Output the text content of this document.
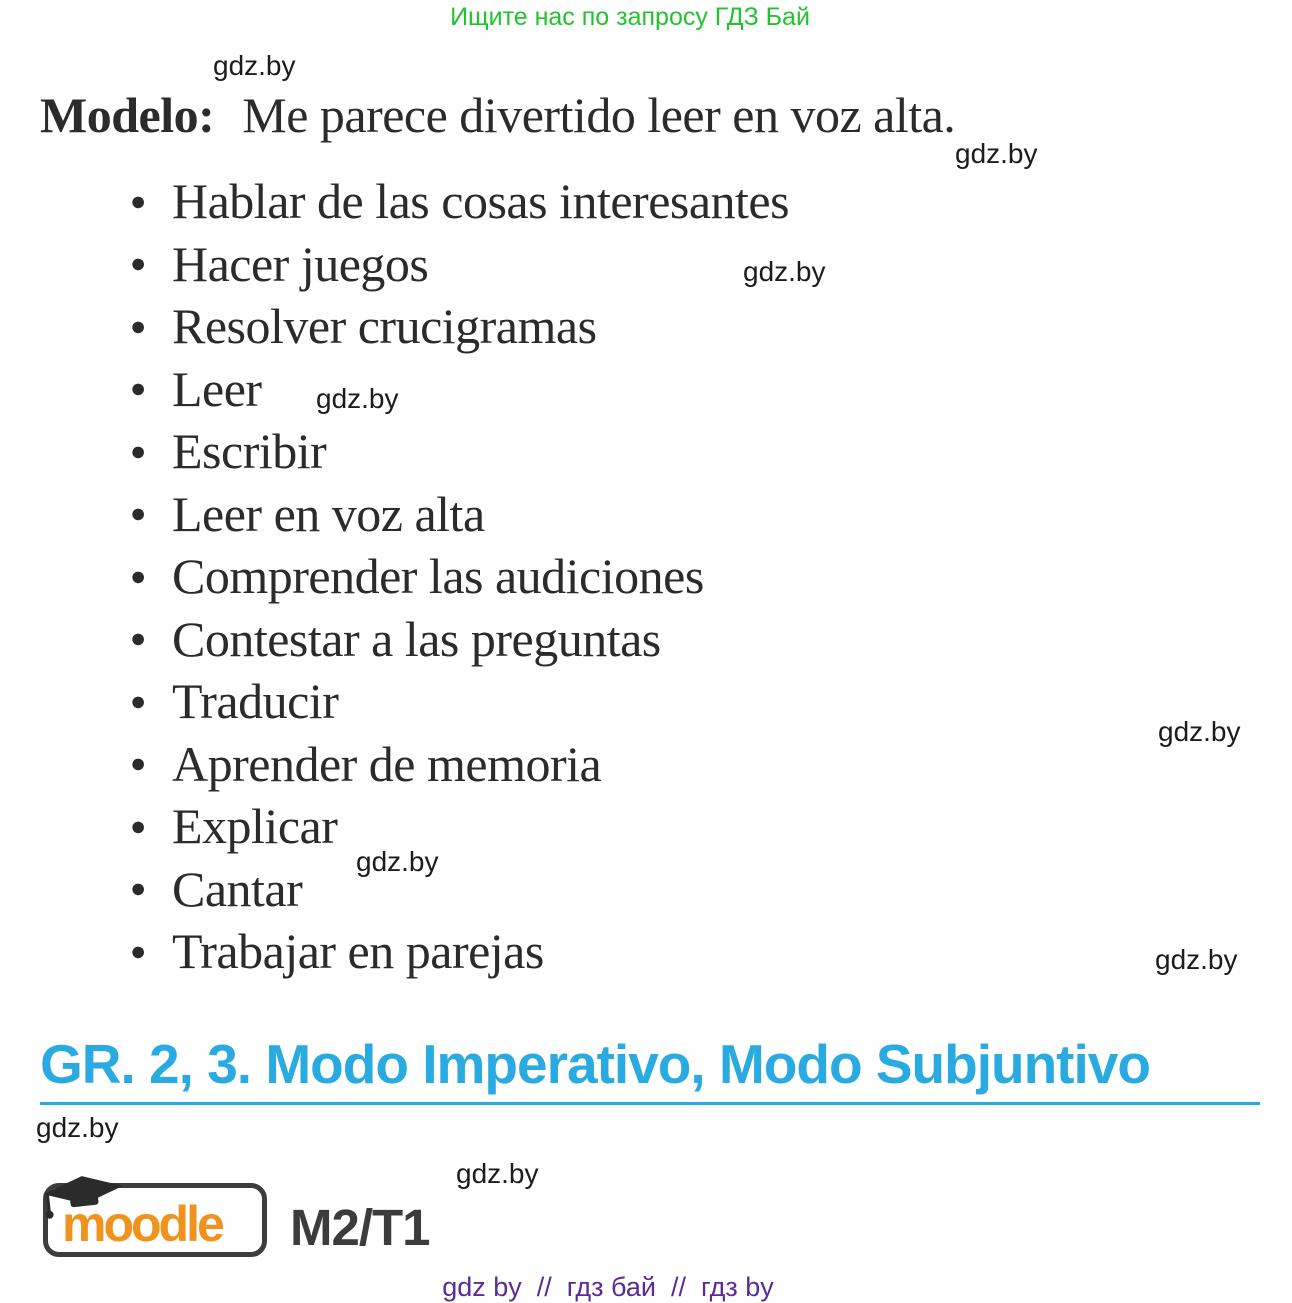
Ищите нас по запросу ГДЗ Бай
gdz.by
gdz.by
gdz.by
gdz.by
gdz.by
gdz.by
gdz.by
gdz.by
gdz.by
Modelo: Me parece divertido leer en voz alta.
● Hablar de las cosas interesantes
● Hacer juegos
● Resolver crucigramas
● Leer
● Escribir
● Leer en voz alta
● Comprender las audiciones
● Contestar a las preguntas
● Traducir
● Aprender de memoria
● Explicar
● Cantar
● Trabajar en parejas
GR. 2, 3. Modo Imperativo, Modo Subjuntivo
moodle M2/T1
gdz by  //  гдз бай  //  гдз by
